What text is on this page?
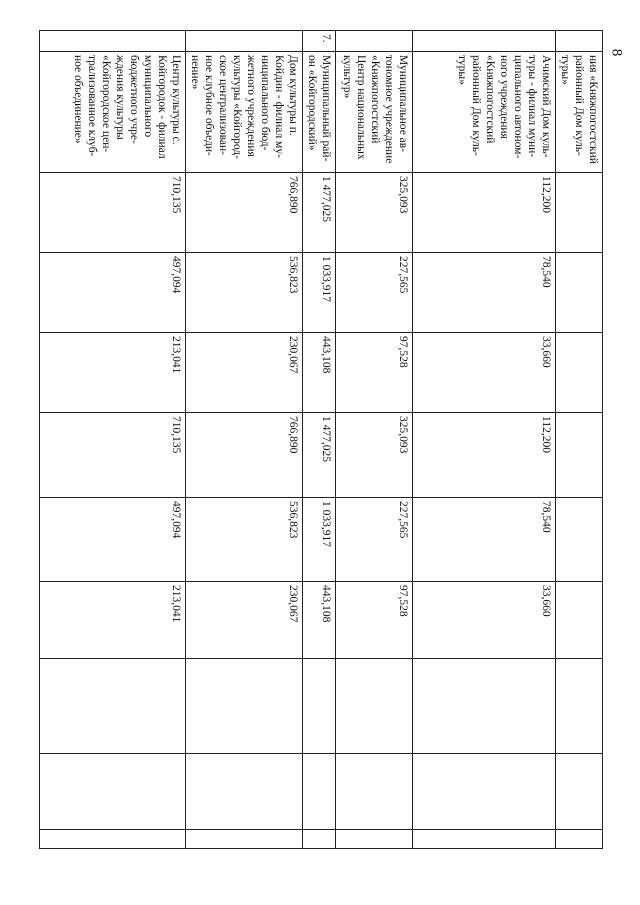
8
	ния «Княжпогостский районный Дом куль-туры»									
	Ачимский Дом куль-туры - филиал муни-ципального автоном-ного учреждения «Княжпогостский районный Дом куль-туры»	112,200	78,540	33,660	112,200	78,540	33,660			
	Муниципальное ав-тономное учреждение «Княжпогостский Центр национальных культур»	325,093	227,565	97,528	325,093	227,565	97,528			
7.	Муниципальный рай-он «Койгородский»	1 477,025	1 033,917	443,108	1 477,025	1 033,917	443,108			
	Дом культуры п. Койдин - филиал му-ниципального бюд-жетного учреждения культуры «Койгород-ское централизован-ное клубное объеди-нение»	766,890	536,823	230,067	766,890	536,823	230,067			
	Центр культуры с. Койгородок - филиал муниципального бюджетного учре-ждения культуры «Койгородское цен-трализованное клуб-ное объединение»	710,135	497,094	213,041	710,135	497,094	213,041			
